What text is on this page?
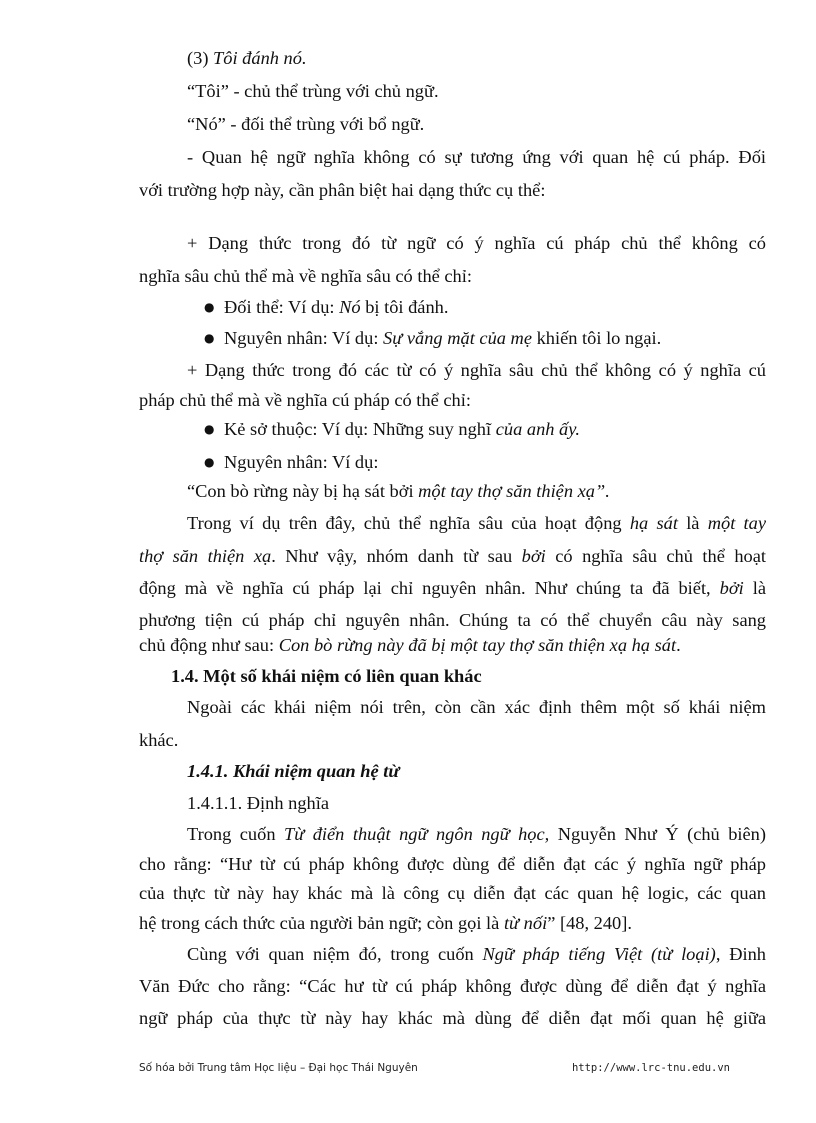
(3) Tôi đánh nó.
“Tôi” - chủ thể trùng với chủ ngữ.
“Nó” - đối thể trùng với bổ ngữ.
- Quan hệ ngữ nghĩa không có sự tương ứng với quan hệ cú pháp. Đối
với trường hợp này, cần phân biệt hai dạng thức cụ thể:
+ Dạng thức trong đó từ ngữ có ý nghĩa cú pháp chủ thể không có
nghĩa sâu chủ thể mà về nghĩa sâu có thể chỉ:
● Đối thể: Ví dụ: Nó bị tôi đánh.
● Nguyên nhân: Ví dụ: Sự vắng mặt của mẹ khiến tôi lo ngại.
+ Dạng thức trong đó các từ có ý nghĩa sâu chủ thể không có ý nghĩa cú
pháp chủ thể mà về nghĩa cú pháp có thể chỉ:
● Kẻ sở thuộc: Ví dụ: Những suy nghĩ của anh ấy.
● Nguyên nhân: Ví dụ:
“Con bò rừng này bị hạ sát bởi một tay thợ săn thiện xạ”.
Trong ví dụ trên đây, chủ thể nghĩa sâu của hoạt động hạ sát là một tay
thợ săn thiện xạ. Như vậy, nhóm danh từ sau bởi có nghĩa sâu chủ thể hoạt
động mà về nghĩa cú pháp lại chỉ nguyên nhân. Như chúng ta đã biết, bởi là
phương tiện cú pháp chỉ nguyên nhân. Chúng ta có thể chuyển câu này sang
chủ động như sau: Con bò rừng này đã bị một tay thợ săn thiện xạ hạ sát.
1.4. Một số khái niệm có liên quan khác
Ngoài các khái niệm nói trên, còn cần xác định thêm một số khái niệm
khác.
1.4.1. Khái niệm quan hệ từ
1.4.1.1. Định nghĩa
Trong cuốn Từ điển thuật ngữ ngôn ngữ học, Nguyễn Như Ý (chủ biên)
cho rằng: “Hư từ cú pháp không được dùng để diễn đạt các ý nghĩa ngữ pháp
của thực từ này hay khác mà là công cụ diễn đạt các quan hệ logic, các quan
hệ trong cách thức của người bản ngữ; còn gọi là từ nối” [48, 240].
Cùng với quan niệm đó, trong cuốn Ngữ pháp tiếng Việt (từ loại), Đinh
Văn Đức cho rằng: “Các hư từ cú pháp không được dùng để diễn đạt ý nghĩa
ngữ pháp của thực từ này hay khác mà dùng để diễn đạt mối quan hệ giữa
Số hóa bởi Trung tâm Học liệu – Đại học Thái Nguyên	http://www.lrc-tnu.edu.vn
